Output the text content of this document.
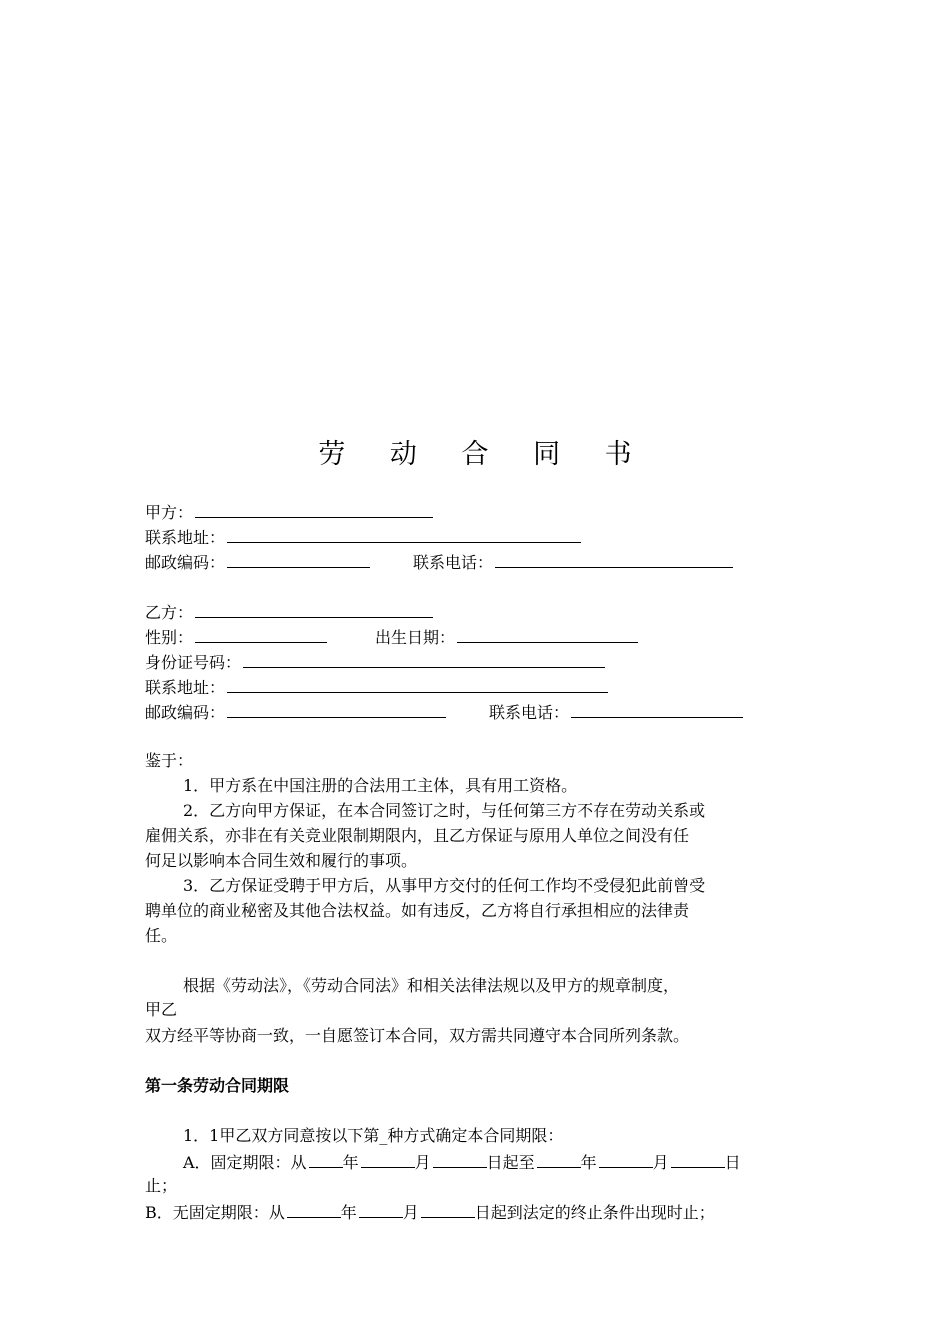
劳 动 合 同 书
甲方：
联系地址：
邮政编码：	联系电话：
乙方：
性别：	出生日期：
身份证号码：
联系地址：
邮政编码：	联系电话：
鉴于：
1．甲方系在中国注册的合法用工主体，具有用工资格。
2．乙方向甲方保证，在本合同签订之时，与任何第三方不存在劳动关系或
雇佣关系，亦非在有关竞业限制期限内，且乙方保证与原用人单位之间没有任
何足以影响本合同生效和履行的事项。
3．乙方保证受聘于甲方后，从事甲方交付的任何工作均不受侵犯此前曾受
聘单位的商业秘密及其他合法权益。如有违反，乙方将自行承担相应的法律责
任。
根据《劳动法》，《劳动合同法》和相关法律法规以及甲方的规章制度，
甲乙
双方经平等协商一致，一自愿签订本合同，双方需共同遵守本合同所列条款。
第一条劳动合同期限
1．1甲乙双方同意按以下第_种方式确定本合同期限：
A．固定期限：从 年	月	日起至	年	月	日
止；
B．无固定期限：从	年	月	日起到法定的终止条件出现时止；
